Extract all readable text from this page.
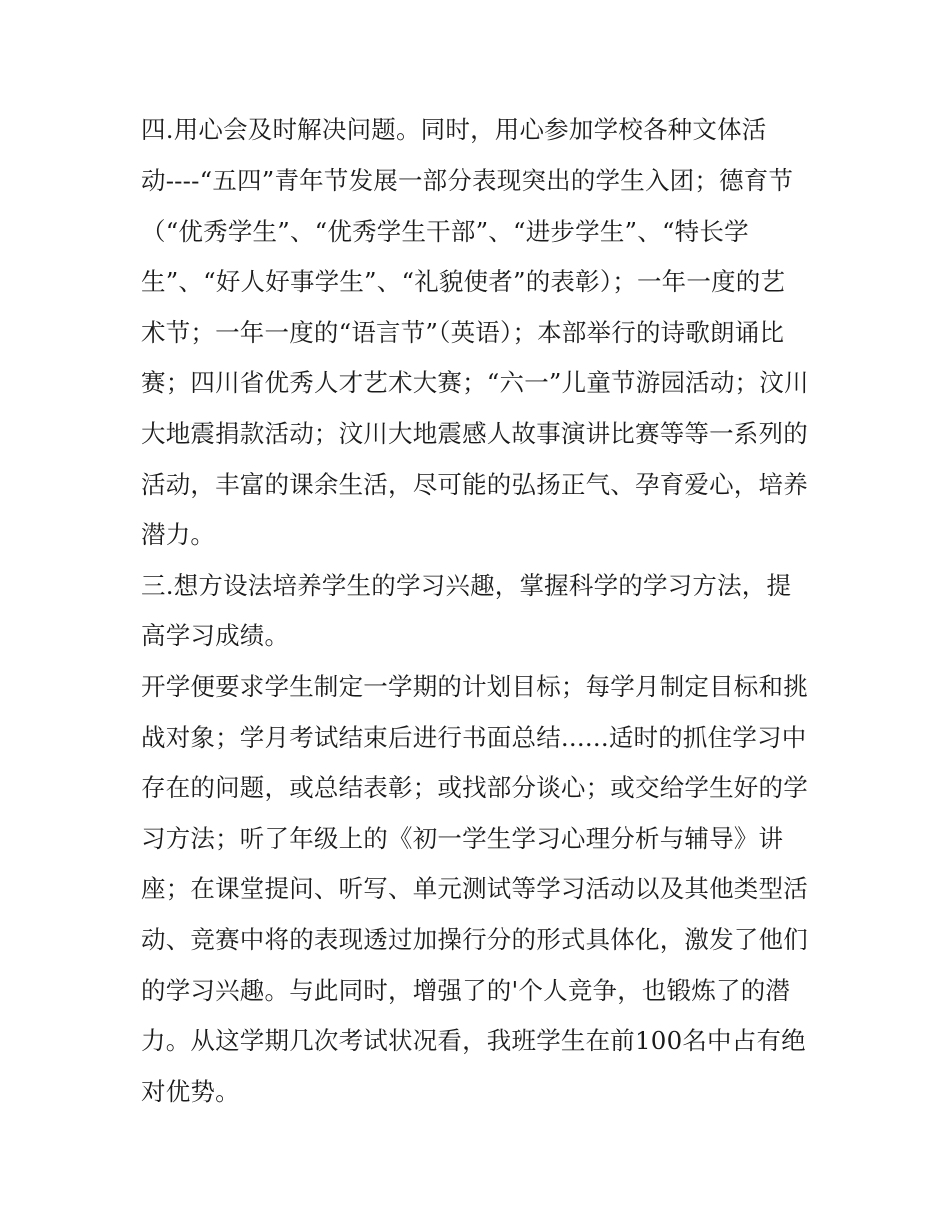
四.用心会及时解决问题。同时，用心参加学校各种文体活
动----“五四”青年节发展一部分表现突出的学生入团；德育节
（“优秀学生”、“优秀学生干部”、“进步学生”、“特长学
生”、“好人好事学生”、“礼貌使者”的表彰）；一年一度的艺
术节；一年一度的“语言节”（英语）；本部举行的诗歌朗诵比
赛；四川省优秀人才艺术大赛；“六一”儿童节游园活动；汶川
大地震捐款活动；汶川大地震感人故事演讲比赛等等一系列的
活动，丰富的课余生活，尽可能的弘扬正气、孕育爱心，培养
潜力。
三.想方设法培养学生的学习兴趣，掌握科学的学习方法，提
高学习成绩。
开学便要求学生制定一学期的计划目标；每学月制定目标和挑
战对象；学月考试结束后进行书面总结......适时的抓住学习中
存在的问题，或总结表彰；或找部分谈心；或交给学生好的学
习方法；听了年级上的《初一学生学习心理分析与辅导》讲
座；在课堂提问、听写、单元测试等学习活动以及其他类型活
动、竞赛中将的表现透过加操行分的形式具体化，激发了他们
的学习兴趣。与此同时，增强了的'个人竞争，也锻炼了的潜
力。从这学期几次考试状况看，我班学生在前100名中占有绝
对优势。
